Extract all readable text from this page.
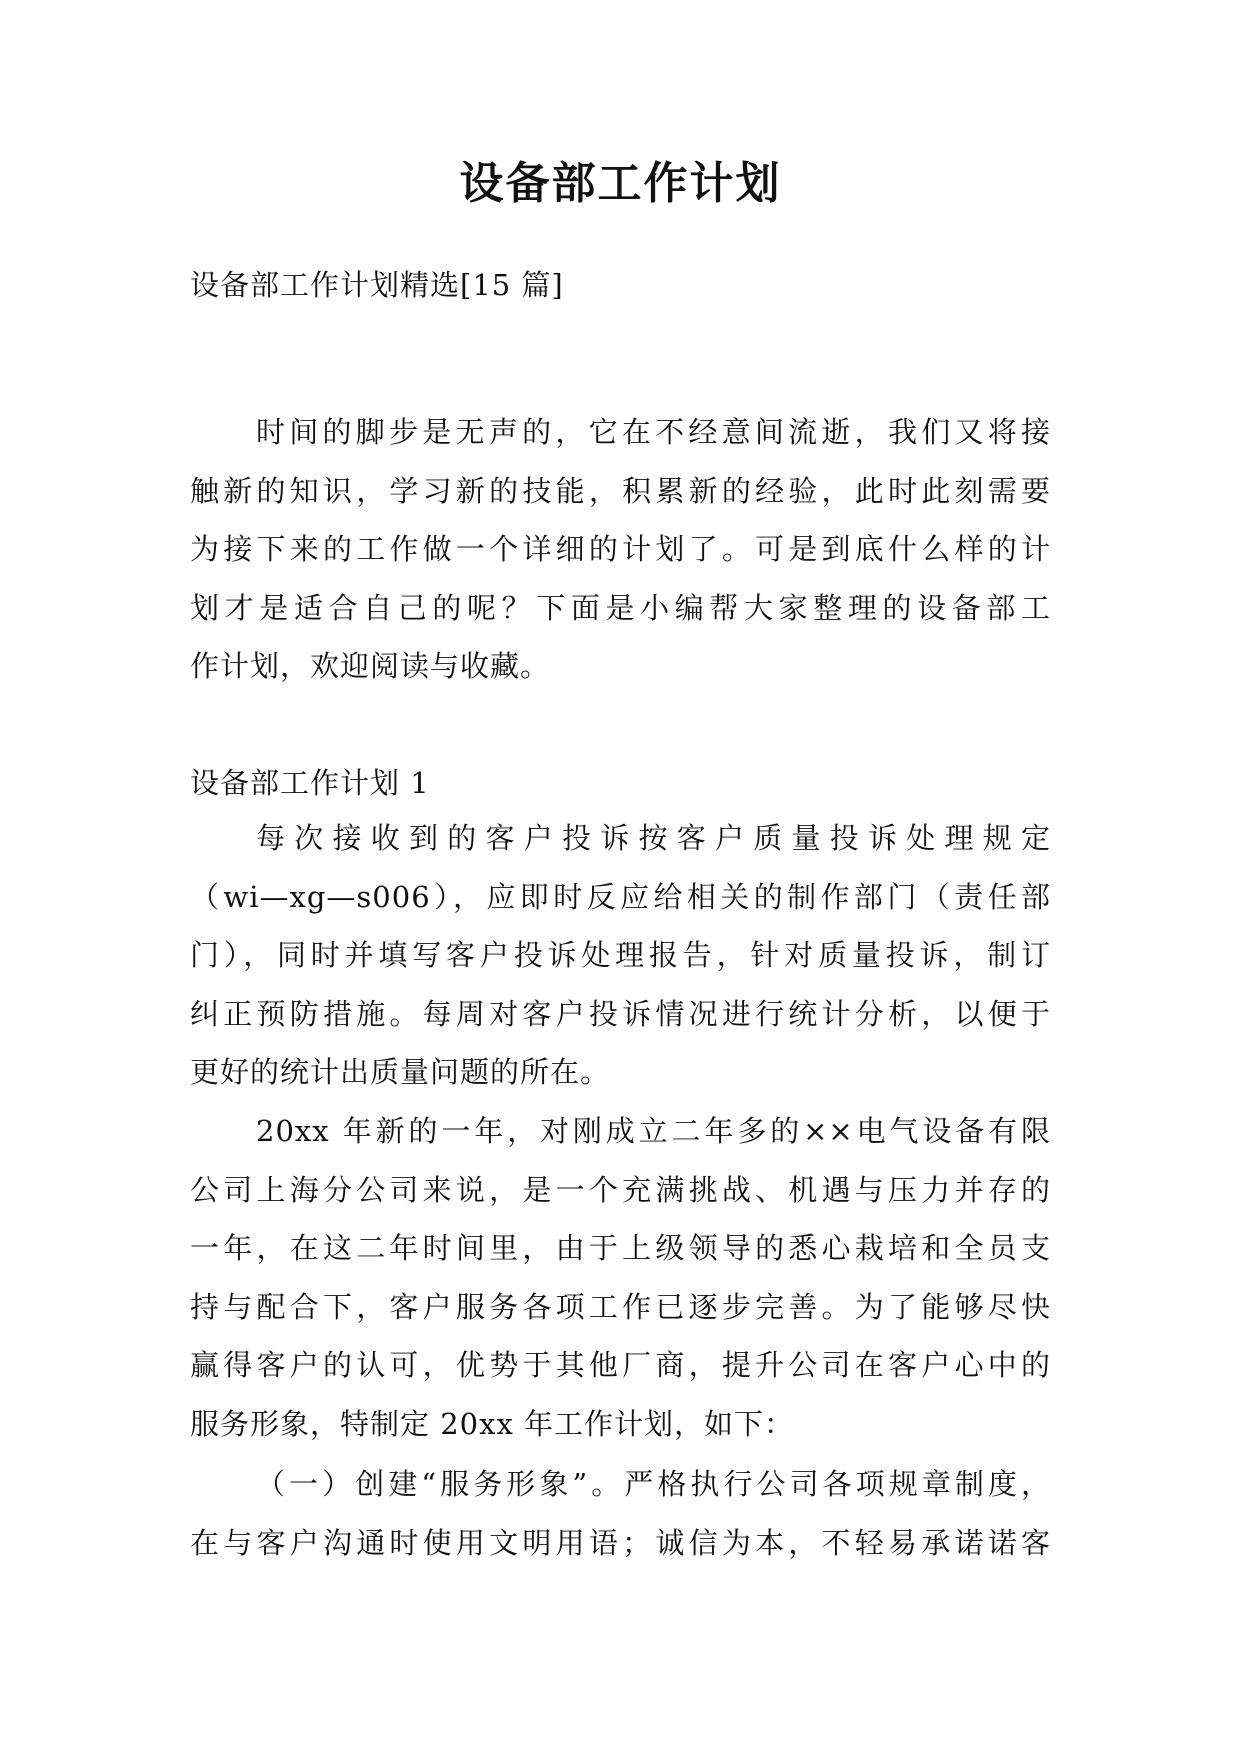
设备部工作计划
设备部工作计划精选[15 篇]
时间的脚步是无声的，它在不经意间流逝，我们又将接
触新的知识，学习新的技能，积累新的经验，此时此刻需要
为接下来的工作做一个详细的计划了。可是到底什么样的计
划才是适合自己的呢？下面是小编帮大家整理的设备部工
作计划，欢迎阅读与收藏。
设备部工作计划 1
每次接收到的客户投诉按客户质量投诉处理规定
（wi—xg—s006），应即时反应给相关的制作部门（责任部
门），同时并填写客户投诉处理报告，针对质量投诉，制订
纠正预防措施。每周对客户投诉情况进行统计分析，以便于
更好的统计出质量问题的所在。
20xx 年新的一年，对刚成立二年多的××电气设备有限
公司上海分公司来说，是一个充满挑战、机遇与压力并存的
一年，在这二年时间里，由于上级领导的悉心栽培和全员支
持与配合下，客户服务各项工作已逐步完善。为了能够尽快
赢得客户的认可，优势于其他厂商，提升公司在客户心中的
服务形象，特制定 20xx 年工作计划，如下：
（一）创建“服务形象”。严格执行公司各项规章制度，
在与客户沟通时使用文明用语；诚信为本，不轻易承诺诺客
